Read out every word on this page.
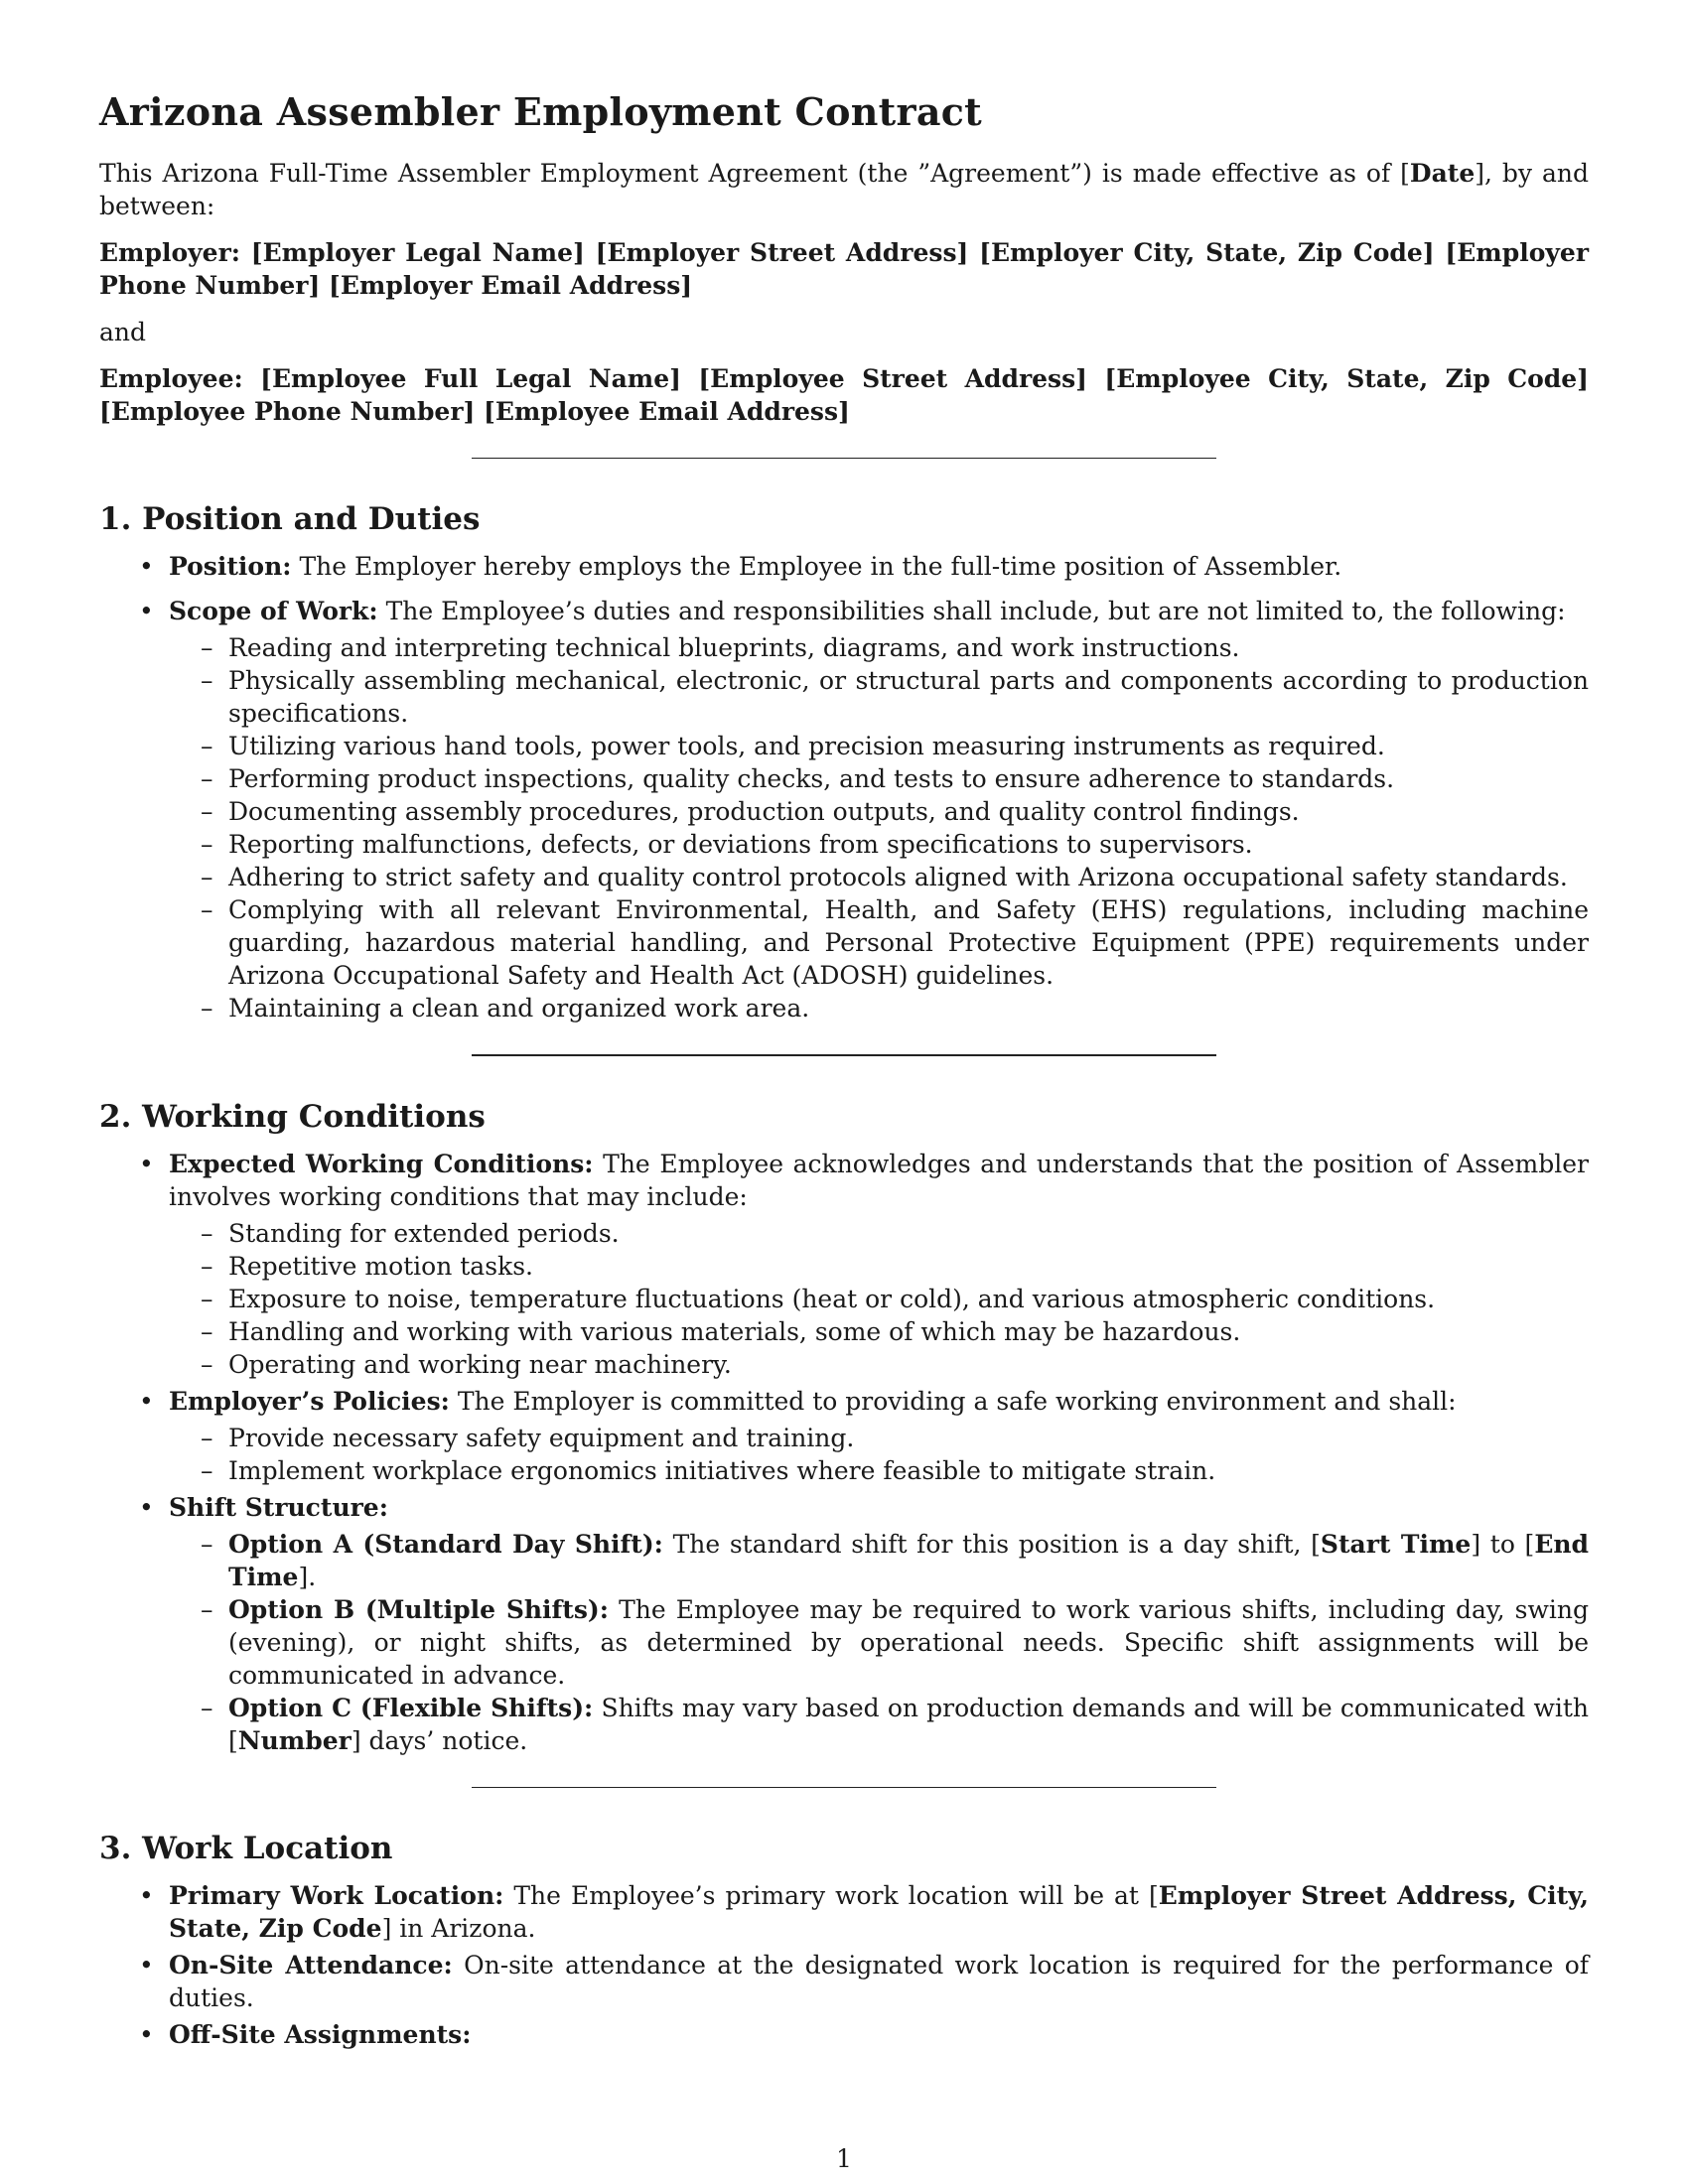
Arizona Assembler Employment Contract

This Arizona Full-Time Assembler Employment Agreement (the ”Agreement”) is made effective as of [Date], by and between:

Employer: [Employer Legal Name] [Employer Street Address] [Employer City, State, Zip Code] [Employer Phone Number] [Employer Email Address]

and

Employee: [Employee Full Legal Name] [Employee Street Address] [Employee City, State, Zip Code] [Employee Phone Number] [Employee Email Address]

1. Position and Duties
• Position: The Employer hereby employs the Employee in the full-time position of Assembler.
• Scope of Work: The Employee’s duties and responsibilities shall include, but are not limited to, the following:
– Reading and interpreting technical blueprints, diagrams, and work instructions.
– Physically assembling mechanical, electronic, or structural parts and components according to production specifications.
– Utilizing various hand tools, power tools, and precision measuring instruments as required.
– Performing product inspections, quality checks, and tests to ensure adherence to standards.
– Documenting assembly procedures, production outputs, and quality control findings.
– Reporting malfunctions, defects, or deviations from specifications to supervisors.
– Adhering to strict safety and quality control protocols aligned with Arizona occupational safety standards.
– Complying with all relevant Environmental, Health, and Safety (EHS) regulations, including machine guarding, hazardous material handling, and Personal Protective Equipment (PPE) requirements under Arizona Occupational Safety and Health Act (ADOSH) guidelines.
– Maintaining a clean and organized work area.
2. Working Conditions
• Expected Working Conditions: The Employee acknowledges and understands that the position of Assembler involves working conditions that may include:
– Standing for extended periods.
– Repetitive motion tasks.
– Exposure to noise, temperature fluctuations (heat or cold), and various atmospheric conditions.
– Handling and working with various materials, some of which may be hazardous.
– Operating and working near machinery.
• Employer’s Policies: The Employer is committed to providing a safe working environment and shall:
– Provide necessary safety equipment and training.
– Implement workplace ergonomics initiatives where feasible to mitigate strain.
• Shift Structure:
– Option A (Standard Day Shift): The standard shift for this position is a day shift, [Start Time] to [End Time].
– Option B (Multiple Shifts): The Employee may be required to work various shifts, including day, swing (evening), or night shifts, as determined by operational needs. Specific shift assignments will be communicated in advance.
– Option C (Flexible Shifts): Shifts may vary based on production demands and will be communicated with [Number] days’ notice.
3. Work Location
• Primary Work Location: The Employee’s primary work location will be at [Employer Street Address, City, State, Zip Code] in Arizona.
• On-Site Attendance: On-site attendance at the designated work location is required for the performance of duties.
• Off-Site Assignments:
1
